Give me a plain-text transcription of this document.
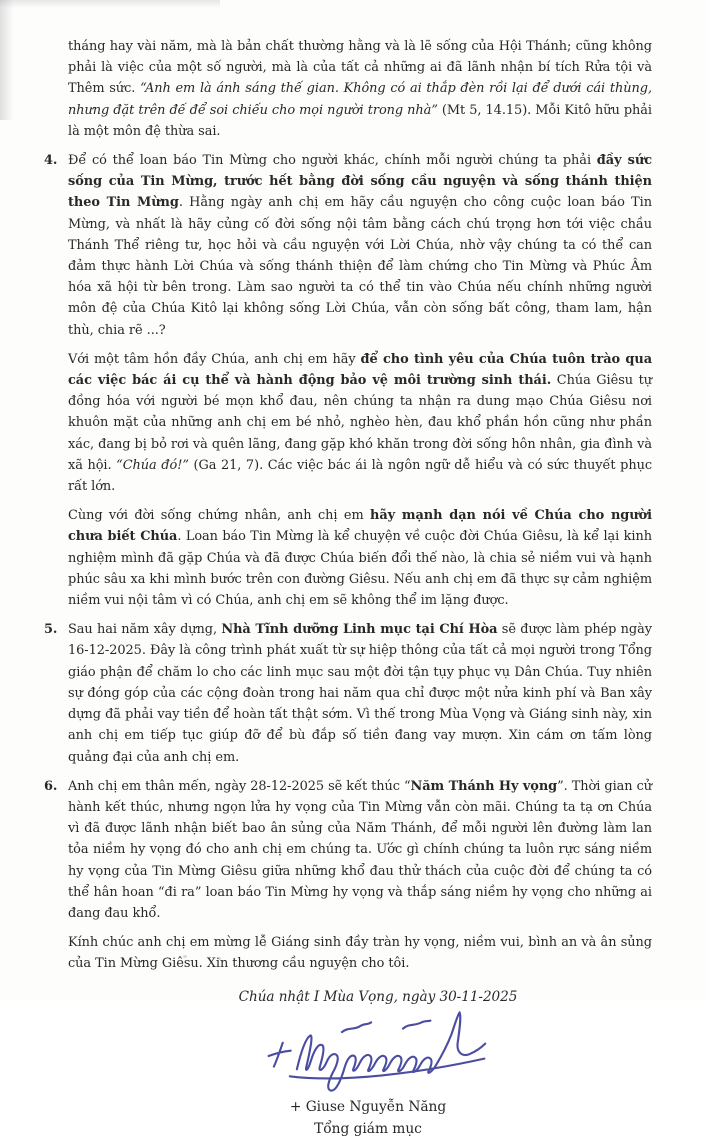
tháng hay vài năm, mà là bản chất thường hằng và là lẽ sống của Hội Thánh; cũng không phải là việc của một số người, mà là của tất cả những ai đã lãnh nhận bí tích Rửa tội và Thêm sức. “Anh em là ánh sáng thế gian. Không có ai thắp đèn rồi lại để dưới cái thùng, nhưng đặt trên đế để soi chiếu cho mọi người trong nhà” (Mt 5, 14.15). Mỗi Kitô hữu phải là một môn đệ thừa sai.

4. Để có thể loan báo Tin Mừng cho người khác, chính mỗi người chúng ta phải đầy sức sống của Tin Mừng, trước hết bằng đời sống cầu nguyện và sống thánh thiện theo Tin Mừng. Hằng ngày anh chị em hãy cầu nguyện cho công cuộc loan báo Tin Mừng, và nhất là hãy củng cố đời sống nội tâm bằng cách chú trọng hơn tới việc chầu Thánh Thể riêng tư, học hỏi và cầu nguyện với Lời Chúa, nhờ vậy chúng ta có thể can đảm thực hành Lời Chúa và sống thánh thiện để làm chứng cho Tin Mừng và Phúc Âm hóa xã hội từ bên trong. Làm sao người ta có thể tin vào Chúa nếu chính những người môn đệ của Chúa Kitô lại không sống Lời Chúa, vẫn còn sống bất công, tham lam, hận thù, chia rẽ ...?

Với một tâm hồn đầy Chúa, anh chị em hãy để cho tình yêu của Chúa tuôn trào qua các việc bác ái cụ thể và hành động bảo vệ môi trường sinh thái. Chúa Giêsu tự đồng hóa với người bé mọn khổ đau, nên chúng ta nhận ra dung mạo Chúa Giêsu nơi khuôn mặt của những anh chị em bé nhỏ, nghèo hèn, đau khổ phần hồn cũng như phần xác, đang bị bỏ rơi và quên lãng, đang gặp khó khăn trong đời sống hôn nhân, gia đình và xã hội. “Chúa đó!” (Ga 21, 7). Các việc bác ái là ngôn ngữ dễ hiểu và có sức thuyết phục rất lớn.

Cùng với đời sống chứng nhân, anh chị em hãy mạnh dạn nói về Chúa cho người chưa biết Chúa. Loan báo Tin Mừng là kể chuyện về cuộc đời Chúa Giêsu, là kể lại kinh nghiệm mình đã gặp Chúa và đã được Chúa biến đổi thế nào, là chia sẻ niềm vui và hạnh phúc sâu xa khi mình bước trên con đường Giêsu. Nếu anh chị em đã thực sự cảm nghiệm niềm vui nội tâm vì có Chúa, anh chị em sẽ không thể im lặng được.

5. Sau hai năm xây dựng, Nhà Tĩnh dưỡng Linh mục tại Chí Hòa sẽ được làm phép ngày 16-12-2025. Đây là công trình phát xuất từ sự hiệp thông của tất cả mọi người trong Tổng giáo phận để chăm lo cho các linh mục sau một đời tận tụy phục vụ Dân Chúa. Tuy nhiên sự đóng góp của các cộng đoàn trong hai năm qua chỉ được một nửa kinh phí và Ban xây dựng đã phải vay tiền để hoàn tất thật sớm. Vì thế trong Mùa Vọng và Giáng sinh này, xin anh chị em tiếp tục giúp đỡ để bù đắp số tiền đang vay mượn. Xin cám ơn tấm lòng quảng đại của anh chị em.

6. Anh chị em thân mến, ngày 28-12-2025 sẽ kết thúc “Năm Thánh Hy vọng”. Thời gian cử hành kết thúc, nhưng ngọn lửa hy vọng của Tin Mừng vẫn còn mãi. Chúng ta tạ ơn Chúa vì đã được lãnh nhận biết bao ân sủng của Năm Thánh, để mỗi người lên đường làm lan tỏa niềm hy vọng đó cho anh chị em chúng ta. Ước gì chính chúng ta luôn rực sáng niềm hy vọng của Tin Mừng Giêsu giữa những khổ đau thử thách của cuộc đời để chúng ta có thể hân hoan “đi ra” loan báo Tin Mừng hy vọng và thắp sáng niềm hy vọng cho những ai đang đau khổ.

Kính chúc anh chị em mừng lễ Giáng sinh đầy tràn hy vọng, niềm vui, bình an và ân sủng của Tin Mừng Giêsu. Xin thương cầu nguyện cho tôi.

Chúa nhật I Mùa Vọng, ngày 30-11-2025

+ Giuse Nguyễn Năng
Tổng giám mục
